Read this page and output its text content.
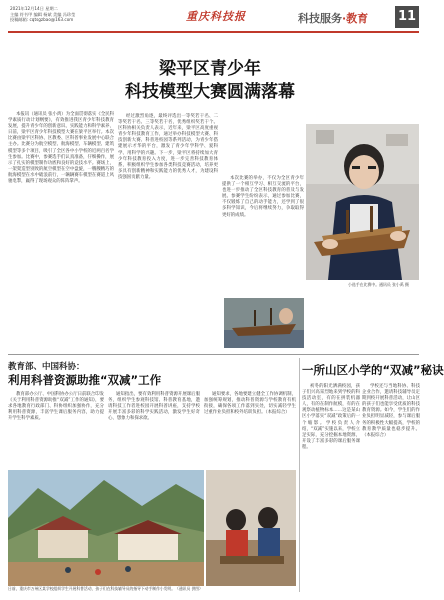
2021年12月14日 星期二
主编 符书甲 编辑 杨斌 美编 冯珍莹
投稿邮箱: cqtsgzbao@163.com	重庆科技报	科技服务·教育 11
梁平区青少年
科技模型大赛圆满落幕

本报讯（通讯员 张小禹）为全面贯彻落实《全民科学素质行动计划纲要》，有效推进我区青少年科技教育发展，提升青少年的创新意识、实践能力和科学素养，日前，梁平区青少年科技模型大赛在梁平区举行。本次比赛由梁平区科协、区教委、区科普事业发展中心联合主办。比赛分为航空模型、航海模型、车辆模型、建筑模型等多个项目，吸引了全区各中小学校的近两百名学生参加。比赛中，参赛选手们认真准备，仔细操作，展示了扎实的模型制作功底和良好的竞技水平。赛场上，一架架造型别致的航空模型在空中盘旋，一艘艘精巧的航海模型在水中破浪前行，一辆辆赛车模型在赛道上风驰电掣，赢得了现场观众的阵阵掌声。

经过激烈角逐，最终评选出一等奖若干名、二等奖若干名、三等奖若干名，优秀组织奖若干个。区科协相关负责人表示，近年来，梁平区高度重视青少年科技教育工作，通过举办科技模型大赛、科技创新大赛、科普进校园等系列活动，为青少年搭建展示才华的平台，激发了青少年学科学、爱科学、用科学的兴趣。下一步，梁平区将持续加大青少年科技教育投入力度，进一步完善科技教育体系，积极组织学生参加各类科技竞赛活动，培养更多具有创新精神和实践能力的优秀人才，为建设科技强国贡献力量。	本次比赛的举办，不仅为全区青少年提供了一个相互学习、相互交流的平台，也进一步推动了全区科技教育的普及与发展。参赛学生纷纷表示，通过参加比赛，不仅锻炼了自己的动手能力，还学到了很多科学知识，今后将继续努力，争取取得更好的成绩。

小选手在比赛中。通讯员 张小禹 摄
教育部、中国科协：
利用科普资源助推“双减”工作

教育部办公厅、中国科协办公厅日前联合印发《关于利用科普资源助推“双减”工作的通知》，要求各地教育行政部门、科协组织加强协作，充分利用科普资源，丰富学生课后服务内容，助力提升学生科学素质。

通知指出，要有效利用科普资源开展课后服务，组织学生参观科技馆、科普教育基地，邀请科技工作者进校园开展科普讲座，支持学校开展丰富多彩的科学实践活动，激发学生好奇心、想象力和探求欲。

通知要求，各地要建立健全工作协调机制，加强统筹规划，推动科普资源与学校教育有机衔接，确保各项工作落到实处，切实减轻学生过重作业负担和校外培训负担。（本报综合）

日前，重庆市万州区某学校组织学生开展科普活动，孩子们在科技辅导员的指导下动手制作小发明。（通讯员 供图）
一所山区小学的“双减”秘诀

初冬的阳光洒满校园，孩子们兴高采烈地来到学校的科技活动室，有的在拼装机器人，有的在制作航模，有的在观察动植物标本……这是某山区小学落实“双减”政策后的一个缩影。学校负责人介绍，“双减”实施以来，学校立足实际，充分挖掘本地资源，开设了丰富多彩的课后服务课程。

学校还与当地科协、科技企业合作，邀请科技辅导员定期到校开展科普活动，让山区的孩子们也能享受优质的科技教育资源。如今，学生们的作业负担明显减轻，参与课后服务的积极性大幅提高，学校的教育教学质量也稳步提升。（本报综合）
